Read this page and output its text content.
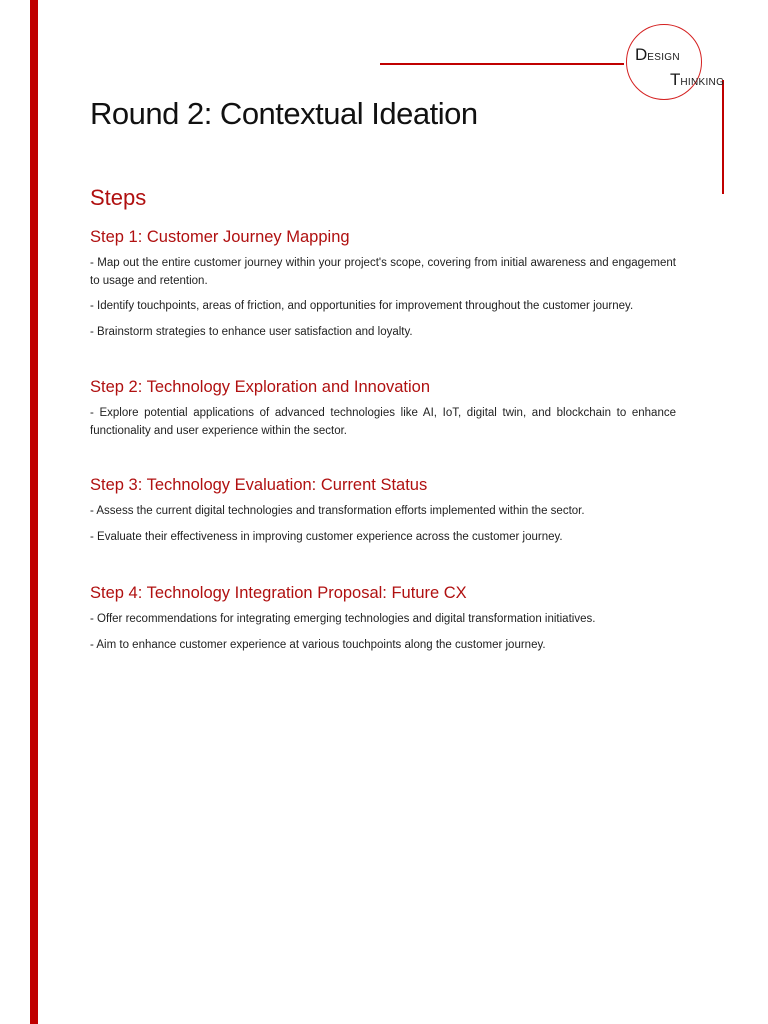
DESIGN
THINKING
Round 2: Contextual Ideation
Steps
Step 1: Customer Journey Mapping

- Map out the entire customer journey within your project's scope, covering from initial awareness and engagement to usage and retention.

- Identify touchpoints, areas of friction, and opportunities for improvement throughout the customer journey.

- Brainstorm strategies to enhance user satisfaction and loyalty.

Step 2: Technology Exploration and Innovation

- Explore potential applications of advanced technologies like AI, IoT, digital twin, and blockchain to enhance functionality and user experience within the sector.

Step 3: Technology Evaluation: Current Status

- Assess the current digital technologies and transformation efforts implemented within the sector.

- Evaluate their effectiveness in improving customer experience across the customer journey.

Step 4: Technology Integration Proposal: Future CX

- Offer recommendations for integrating emerging technologies and digital transformation initiatives.

- Aim to enhance customer experience at various touchpoints along the customer journey.
